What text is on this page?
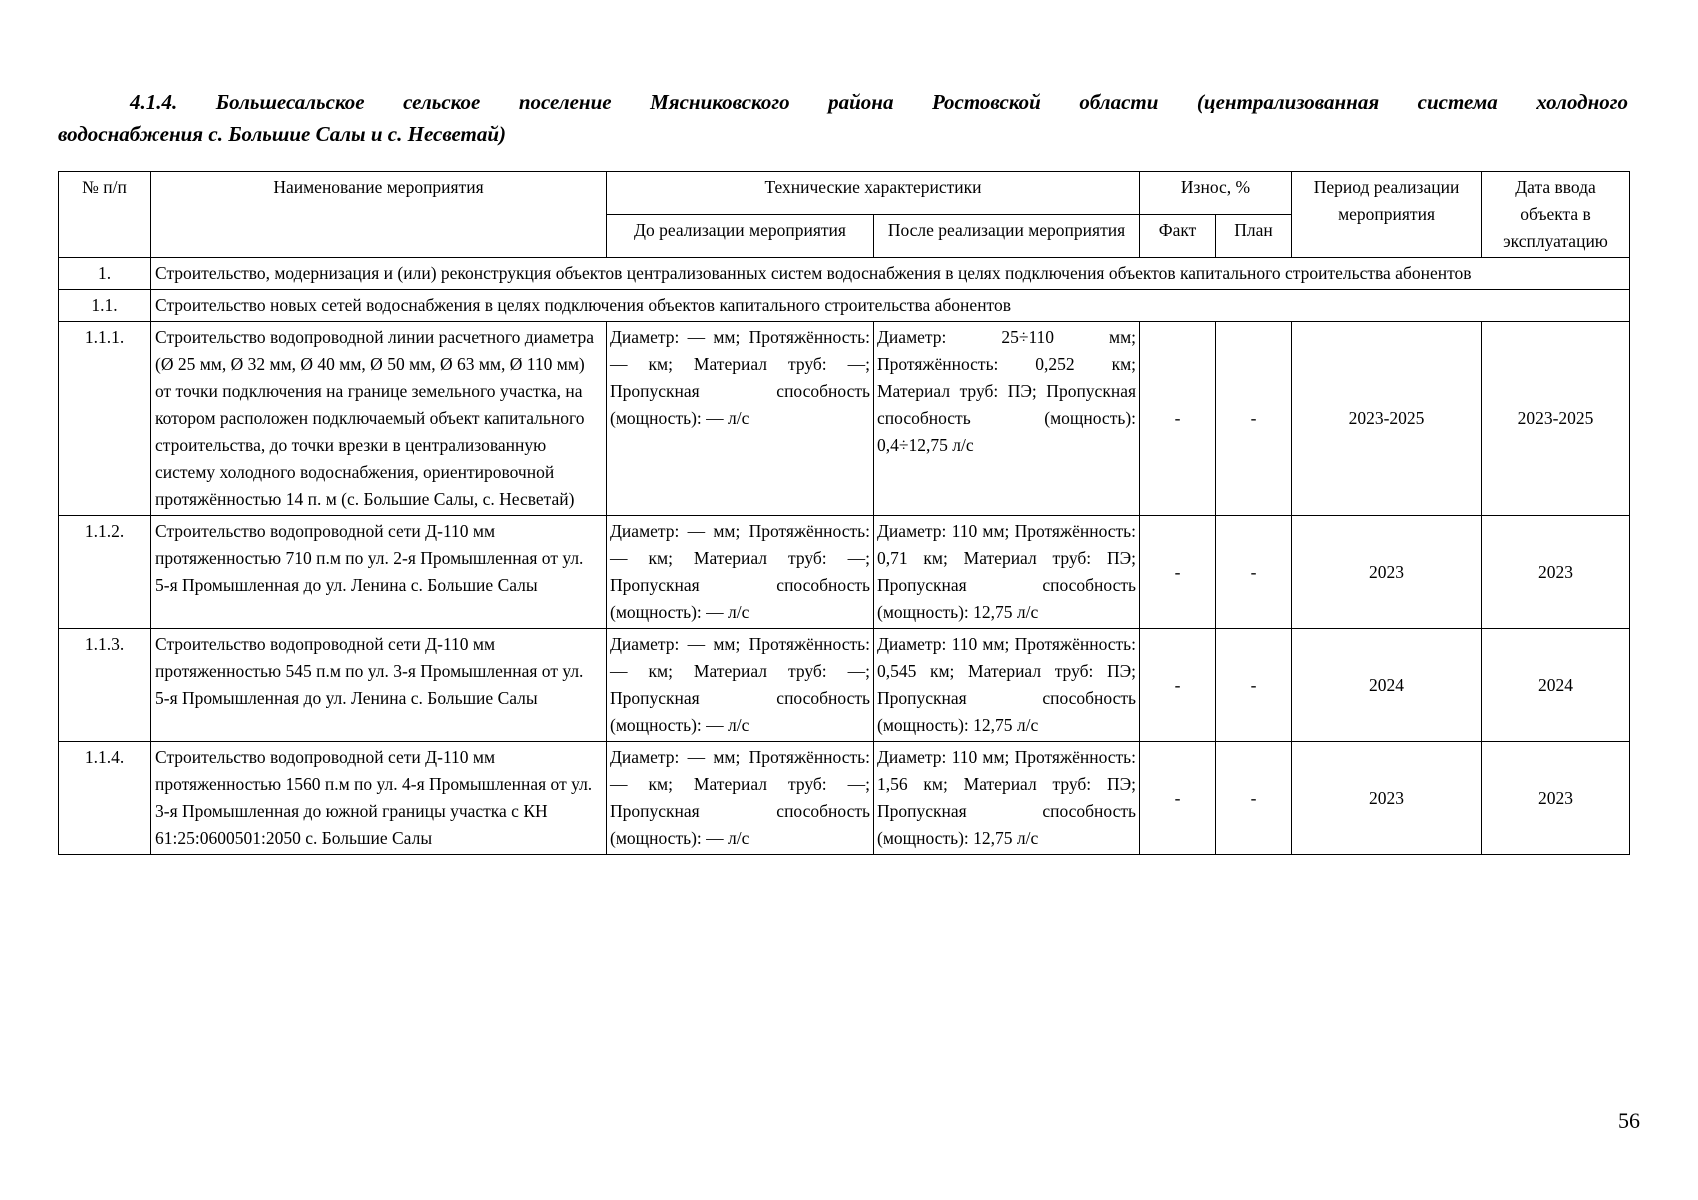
4.1.4. Большесальское сельское поселение Мясниковского района Ростовской области (централизованная система холодного
водоснабжения с. Большие Салы и с. Несветай)
№ п/п	Наименование мероприятия	Технические характеристики		Износ, %		Период реализации мероприятия	Дата ввода объекта в эксплуатацию
		До реализации мероприятия	После реализации мероприятия	Факт	План		
1.	Строительство, модернизация и (или) реконструкция объектов централизованных систем водоснабжения в целях подключения объектов капитального строительства абонентов						
1.1.	Строительство новых сетей водоснабжения в целях подключения объектов капитального строительства абонентов						
1.1.1.	Строительство водопроводной линии расчетного диаметра (Ø 25 мм, Ø 32 мм, Ø 40 мм, Ø 50 мм, Ø 63 мм, Ø 110 мм) от точки подключения на границе земельного участка, на котором расположен подключаемый объект капитального строительства, до точки врезки в централизованную систему холодного водоснабжения, ориентировочной протяжённостью 14 п. м (с. Большие Салы, с. Несветай)	Диаметр: — мм; Протяжённость: — км; Материал труб: —; Пропускная способность (мощность): — л/с	Диаметр: 25÷110 мм; Протяжённость: 0,252 км; Материал труб: ПЭ; Пропускная способность (мощность): 0,4÷12,75 л/с	-	-	2023-2025	2023-2025
1.1.2.	Строительство водопроводной сети Д-110 мм протяженностью 710 п.м по ул. 2-я Промышленная от ул. 5-я Промышленная до ул. Ленина с. Большие Салы	Диаметр: — мм; Протяжённость: — км; Материал труб: —; Пропускная способность (мощность): — л/с	Диаметр: 110 мм; Протяжённость: 0,71 км; Материал труб: ПЭ; Пропускная способность (мощность): 12,75 л/с	-	-	2023	2023
1.1.3.	Строительство водопроводной сети Д-110 мм протяженностью 545 п.м по ул. 3-я Промышленная от ул. 5-я Промышленная до ул. Ленина с. Большие Салы	Диаметр: — мм; Протяжённость: — км; Материал труб: —; Пропускная способность (мощность): — л/с	Диаметр: 110 мм; Протяжённость: 0,545 км; Материал труб: ПЭ; Пропускная способность (мощность): 12,75 л/с	-	-	2024	2024
1.1.4.	Строительство водопроводной сети Д-110 мм протяженностью 1560 п.м по ул. 4-я Промышленная от ул. 3-я Промышленная до южной границы участка с КН 61:25:0600501:2050 с. Большие Салы	Диаметр: — мм; Протяжённость: — км; Материал труб: —; Пропускная способность (мощность): — л/с	Диаметр: 110 мм; Протяжённость: 1,56 км; Материал труб: ПЭ; Пропускная способность (мощность): 12,75 л/с	-	-	2023	2023
56
